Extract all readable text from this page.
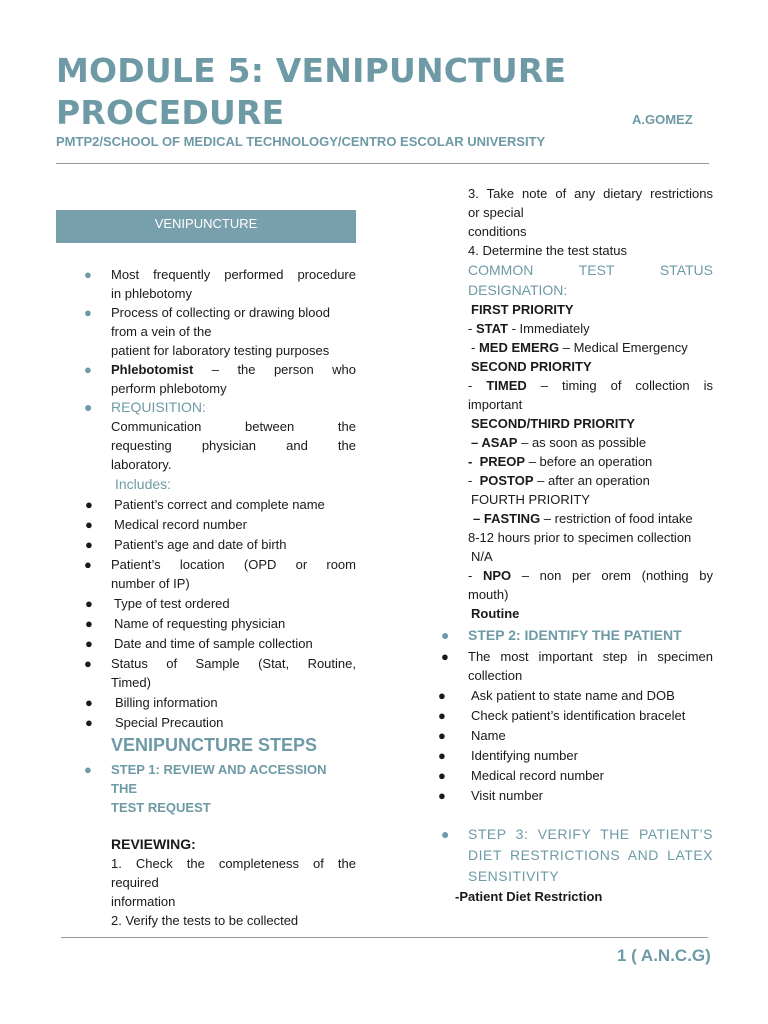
MODULE 5: VENIPUNCTURE
PROCEDURE	A.GOMEZ
PMTP2/SCHOOL OF MEDICAL TECHNOLOGY/CENTRO ESCOLAR UNIVERSITY
VENIPUNCTURE
● Most frequently performed procedure
in phlebotomy
● Process of collecting or drawing blood
from a vein of the
patient for laboratory testing purposes
● Phlebotomist – the person who
perform phlebotomy
● REQUISITION:
Communication between the
requesting physician and the
laboratory.
Includes:
● Patient’s correct and complete name
● Medical record number
● Patient’s age and date of birth
● Patient’s location (OPD or room
number of IP)
● Type of test ordered
● Name of requesting physician
● Date and time of sample collection
● Status of Sample (Stat, Routine,
Timed)
● Billing information
● Special Precaution
VENIPUNCTURE STEPS
● STEP 1: REVIEW AND ACCESSION THE
TEST REQUEST
REVIEWING:
1. Check the completeness of the
required
information
2. Verify the tests to be collected

3. Take note of any dietary restrictions

or special

conditions

4. Determine the test status

COMMON TEST STATUS

DESIGNATION:

FIRST PRIORITY

- STAT - Immediately

- MED EMERG – Medical Emergency

SECOND PRIORITY

- TIMED – timing of collection is

important

SECOND/THIRD PRIORITY

– ASAP – as soon as possible

-  PREOP – before an operation

-  POSTOP – after an operation

FOURTH PRIORITY

– FASTING – restriction of food intake

8-12 hours prior to specimen collection

N/A

- NPO – non per orem (nothing by

mouth)

Routine

● STEP 2: IDENTIFY THE PATIENT
● The most important step in specimen
collection
● Ask patient to state name and DOB
● Check patient’s identification bracelet
● Name
● Identifying number
● Medical record number
● Visit number
● STEP 3: VERIFY THE PATIENT’S
DIET RESTRICTIONS AND LATEX
SENSITIVITY

-Patient Diet Restriction

1 ( A.N.C.G)
